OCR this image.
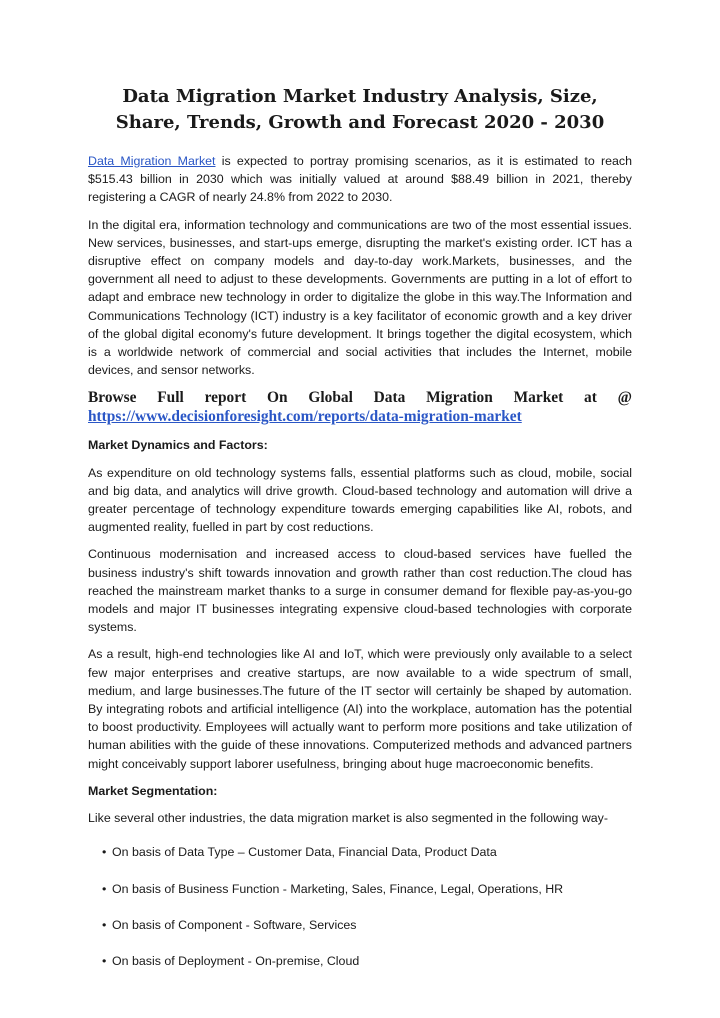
Data Migration Market Industry Analysis, Size, Share, Trends, Growth and Forecast 2020 - 2030

Data Migration Market is expected to portray promising scenarios, as it is estimated to reach $515.43 billion in 2030 which was initially valued at around $88.49 billion in 2021, thereby registering a CAGR of nearly 24.8% from 2022 to 2030.

In the digital era, information technology and communications are two of the most essential issues. New services, businesses, and start-ups emerge, disrupting the market's existing order. ICT has a disruptive effect on company models and day-to-day work.Markets, businesses, and the government all need to adjust to these developments. Governments are putting in a lot of effort to adapt and embrace new technology in order to digitalize the globe in this way.The Information and Communications Technology (ICT) industry is a key facilitator of economic growth and a key driver of the global digital economy's future development. It brings together the digital ecosystem, which is a worldwide network of commercial and social activities that includes the Internet, mobile devices, and sensor networks.

Browse Full report On Global Data Migration Market at @

https://www.decisionforesight.com/reports/data-migration-market

Market Dynamics and Factors:

As expenditure on old technology systems falls, essential platforms such as cloud, mobile, social and big data, and analytics will drive growth. Cloud-based technology and automation will drive a greater percentage of technology expenditure towards emerging capabilities like AI, robots, and augmented reality, fuelled in part by cost reductions.

Continuous modernisation and increased access to cloud-based services have fuelled the business industry's shift towards innovation and growth rather than cost reduction.The cloud has reached the mainstream market thanks to a surge in consumer demand for flexible pay-as-you-go models and major IT businesses integrating expensive cloud-based technologies with corporate systems.

As a result, high-end technologies like AI and IoT, which were previously only available to a select few major enterprises and creative startups, are now available to a wide spectrum of small, medium, and large businesses.The future of the IT sector will certainly be shaped by automation. By integrating robots and artificial intelligence (AI) into the workplace, automation has the potential to boost productivity. Employees will actually want to perform more positions and take utilization of human abilities with the guide of these innovations. Computerized methods and advanced partners might conceivably support laborer usefulness, bringing about huge macroeconomic benefits.

Market Segmentation:

Like several other industries, the data migration market is also segmented in the following way-

• On basis of Data Type – Customer Data, Financial Data, Product Data

• On basis of Business Function - Marketing, Sales, Finance, Legal, Operations, HR

• On basis of Component - Software, Services

• On basis of Deployment - On-premise, Cloud
